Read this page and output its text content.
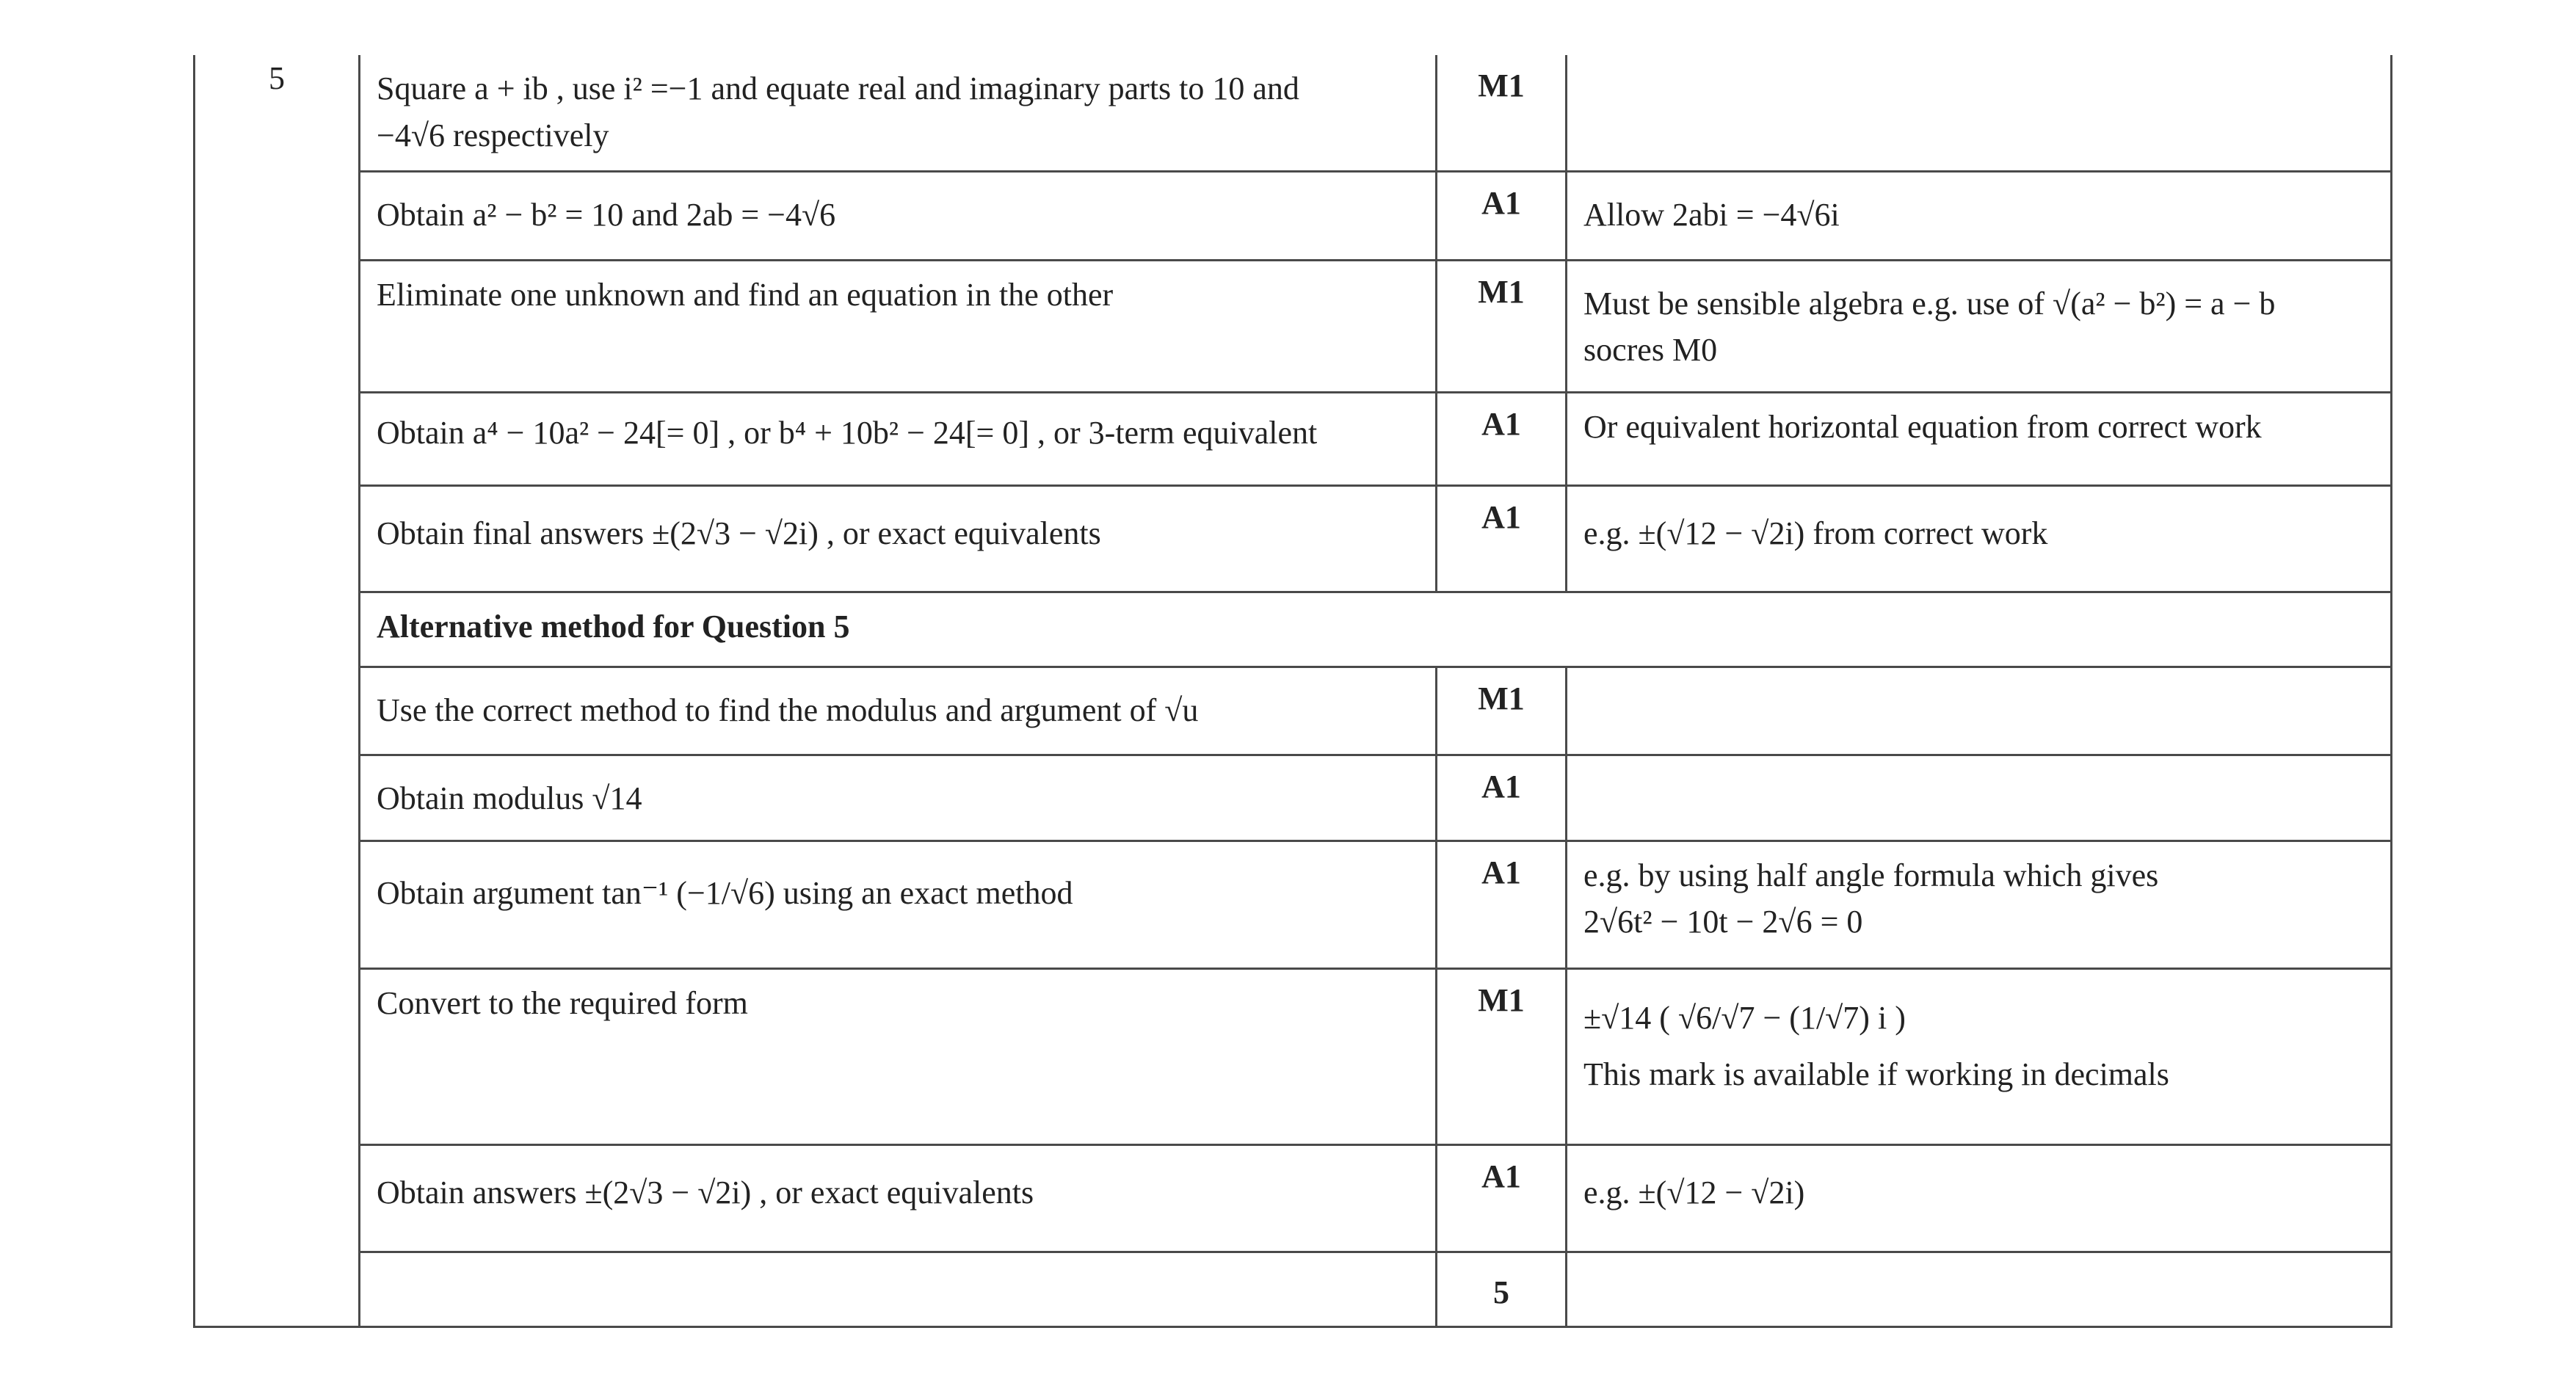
5	Square a + ib , use i² =−1 and equate real and imaginary parts to 10 and
−4√6 respectively	M1	

	Obtain a² − b² = 10 and 2ab = −4√6	A1	Allow 2abi = −4√6i

	Eliminate one unknown and find an equation in the other	M1	Must be sensible algebra e.g. use of √(a² − b²) = a − b
socres M0

	Obtain a⁴ − 10a² − 24[= 0] , or b⁴ + 10b² − 24[= 0] , or 3-term equivalent	A1	Or equivalent horizontal equation from correct work

	Obtain final answers ±(2√3 − √2i) , or exact equivalents	A1	e.g. ±(√12 − √2i) from correct work

	Alternative method for Question 5		

	Use the correct method to find the modulus and argument of √u	M1	

	Obtain modulus √14	A1	

	Obtain argument tan⁻¹ (−1/√6) using an exact method	A1	e.g. by using half angle formula which gives
2√6t² − 10t − 2√6 = 0

	Convert to the required form	M1	±√14 ( √6/√7 − (1/√7) i )
This mark is available if working in decimals

	Obtain answers ±(2√3 − √2i) , or exact equivalents	A1	e.g. ±(√12 − √2i)

		5	
